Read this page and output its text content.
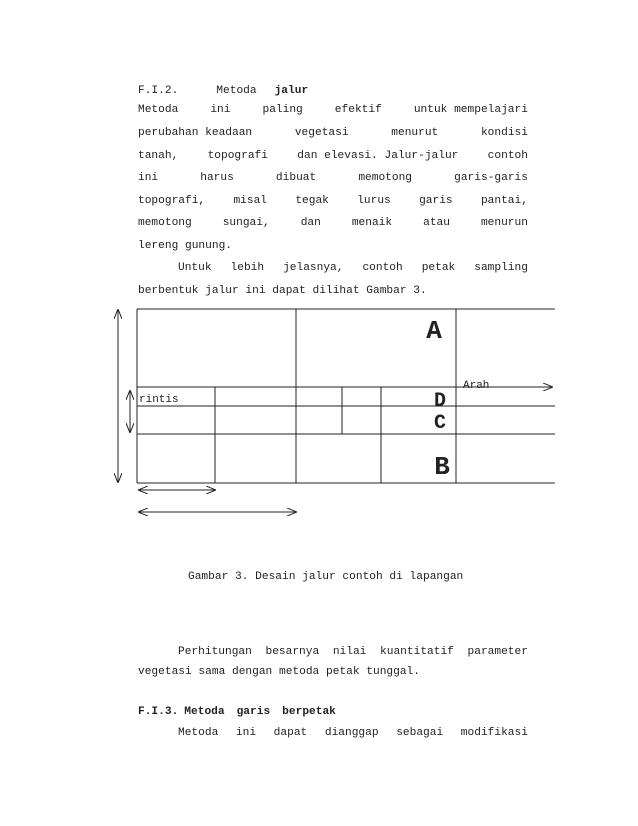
F.I.2.	Metoda jalur
Metoda	ini	paling	efektif	untuk mempelajari
perubahan keadaan	vegetasi	menurut	kondisi
tanah,	topografi	dan elevasi. Jalur-jalur	contoh
ini	harus	dibuat	memotong	garis-garis
topografi,	misal	tegak	lurus	garis	pantai,
memotong	sungai,	dan	menaik	atau	menurun
lereng gunung.
Untuk lebih jelasnya, contoh petak sampling
berbentuk jalur ini dapat dilihat Gambar 3.
A
D
C
B
Arah
rintis
Gambar 3. Desain jalur contoh di lapangan
Perhitungan besarnya nilai kuantitatif parameter
vegetasi sama dengan metoda petak tunggal.
F.I.3. Metoda garis berpetak
Metoda ini dapat dianggap sebagai modifikasi
